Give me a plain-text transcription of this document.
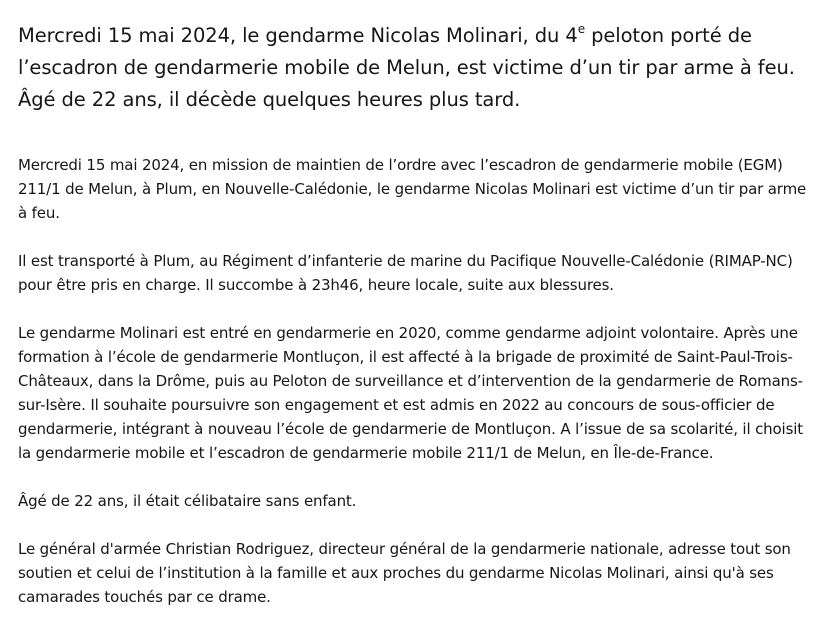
Mercredi 15 mai 2024, le gendarme Nicolas Molinari, du 4e peloton porté de l’escadron de gendarmerie mobile de Melun, est victime d’un tir par arme à feu. Âgé de 22 ans, il décède quelques heures plus tard.

Mercredi 15 mai 2024, en mission de maintien de l’ordre avec l’escadron de gendarmerie mobile (EGM) 211/1 de Melun, à Plum, en Nouvelle-Calédonie, le gendarme Nicolas Molinari est victime d’un tir par arme à feu.

Il est transporté à Plum, au Régiment d’infanterie de marine du Pacifique Nouvelle-Calédonie (RIMAP-NC) pour être pris en charge. Il succombe à 23h46, heure locale, suite aux blessures.

Le gendarme Molinari est entré en gendarmerie en 2020, comme gendarme adjoint volontaire. Après une formation à l’école de gendarmerie Montluçon, il est affecté à la brigade de proximité de Saint-Paul-Trois-Châteaux, dans la Drôme, puis au Peloton de surveillance et d’intervention de la gendarmerie de Romans-sur-Isère. Il souhaite poursuivre son engagement et est admis en 2022 au concours de sous-officier de gendarmerie, intégrant à nouveau l’école de gendarmerie de Montluçon. A l’issue de sa scolarité, il choisit la gendarmerie mobile et l’escadron de gendarmerie mobile 211/1 de Melun, en Île-de-France.

Âgé de 22 ans, il était célibataire sans enfant.

Le général d'armée Christian Rodriguez, directeur général de la gendarmerie nationale, adresse tout son soutien et celui de l’institution à la famille et aux proches du gendarme Nicolas Molinari, ainsi qu'à ses camarades touchés par ce drame.
